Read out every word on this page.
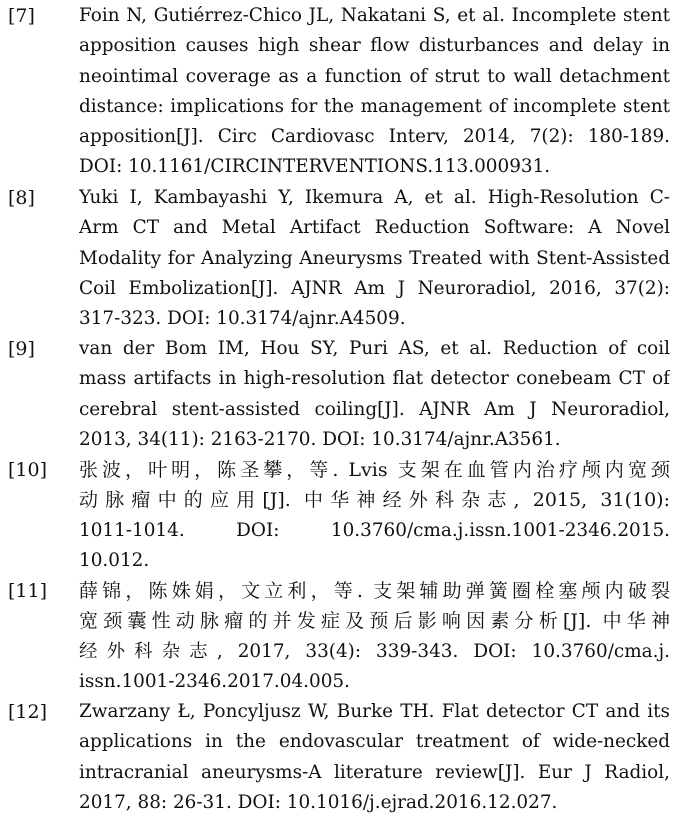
[7] Foin N, Gutiérrez-Chico JL, Nakatani S, et al. Incomplete stent
apposition causes high shear flow disturbances and delay in
neointimal coverage as a function of strut to wall detachment
distance: implications for the management of incomplete stent
apposition[J]. Circ Cardiovasc Interv, 2014, 7(2): 180-189.
DOI: 10.1161/CIRCINTERVENTIONS.113.000931.
[8] Yuki I, Kambayashi Y, Ikemura A, et al. High-Resolution C-
Arm CT and Metal Artifact Reduction Software: A Novel
Modality for Analyzing Aneurysms Treated with Stent-Assisted
Coil Embolization[J]. AJNR Am J Neuroradiol, 2016, 37(2):
317-323. DOI: 10.3174/ajnr.A4509.
[9] van der Bom IM, Hou SY, Puri AS, et al. Reduction of coil
mass artifacts in high-resolution flat detector conebeam CT of
cerebral stent-assisted coiling[J]. AJNR Am J Neuroradiol,
2013, 34(11): 2163-2170. DOI: 10.3174/ajnr.A3561.
[10] 张波，叶明，陈圣攀，等. Lvis 支架在血管内治疗颅内宽颈
动脉瘤中的应用[J]. 中华神经外科杂志, 2015, 31(10):
1011-1014. DOI: 10.3760/cma.j.issn.1001-2346.2015.
10.012.
[11] 薛锦，陈姝娟，文立利，等. 支架辅助弹簧圈栓塞颅内破裂
宽颈囊性动脉瘤的并发症及预后影响因素分析[J]. 中华神
经外科杂志, 2017, 33(4): 339-343. DOI: 10.3760/cma.j.
issn.1001-2346.2017.04.005.
[12] Zwarzany Ł, Poncyljusz W, Burke TH. Flat detector CT and its
applications in the endovascular treatment of wide-necked
intracranial aneurysms-A literature review[J]. Eur J Radiol,
2017, 88: 26-31. DOI: 10.1016/j.ejrad.2016.12.027.
